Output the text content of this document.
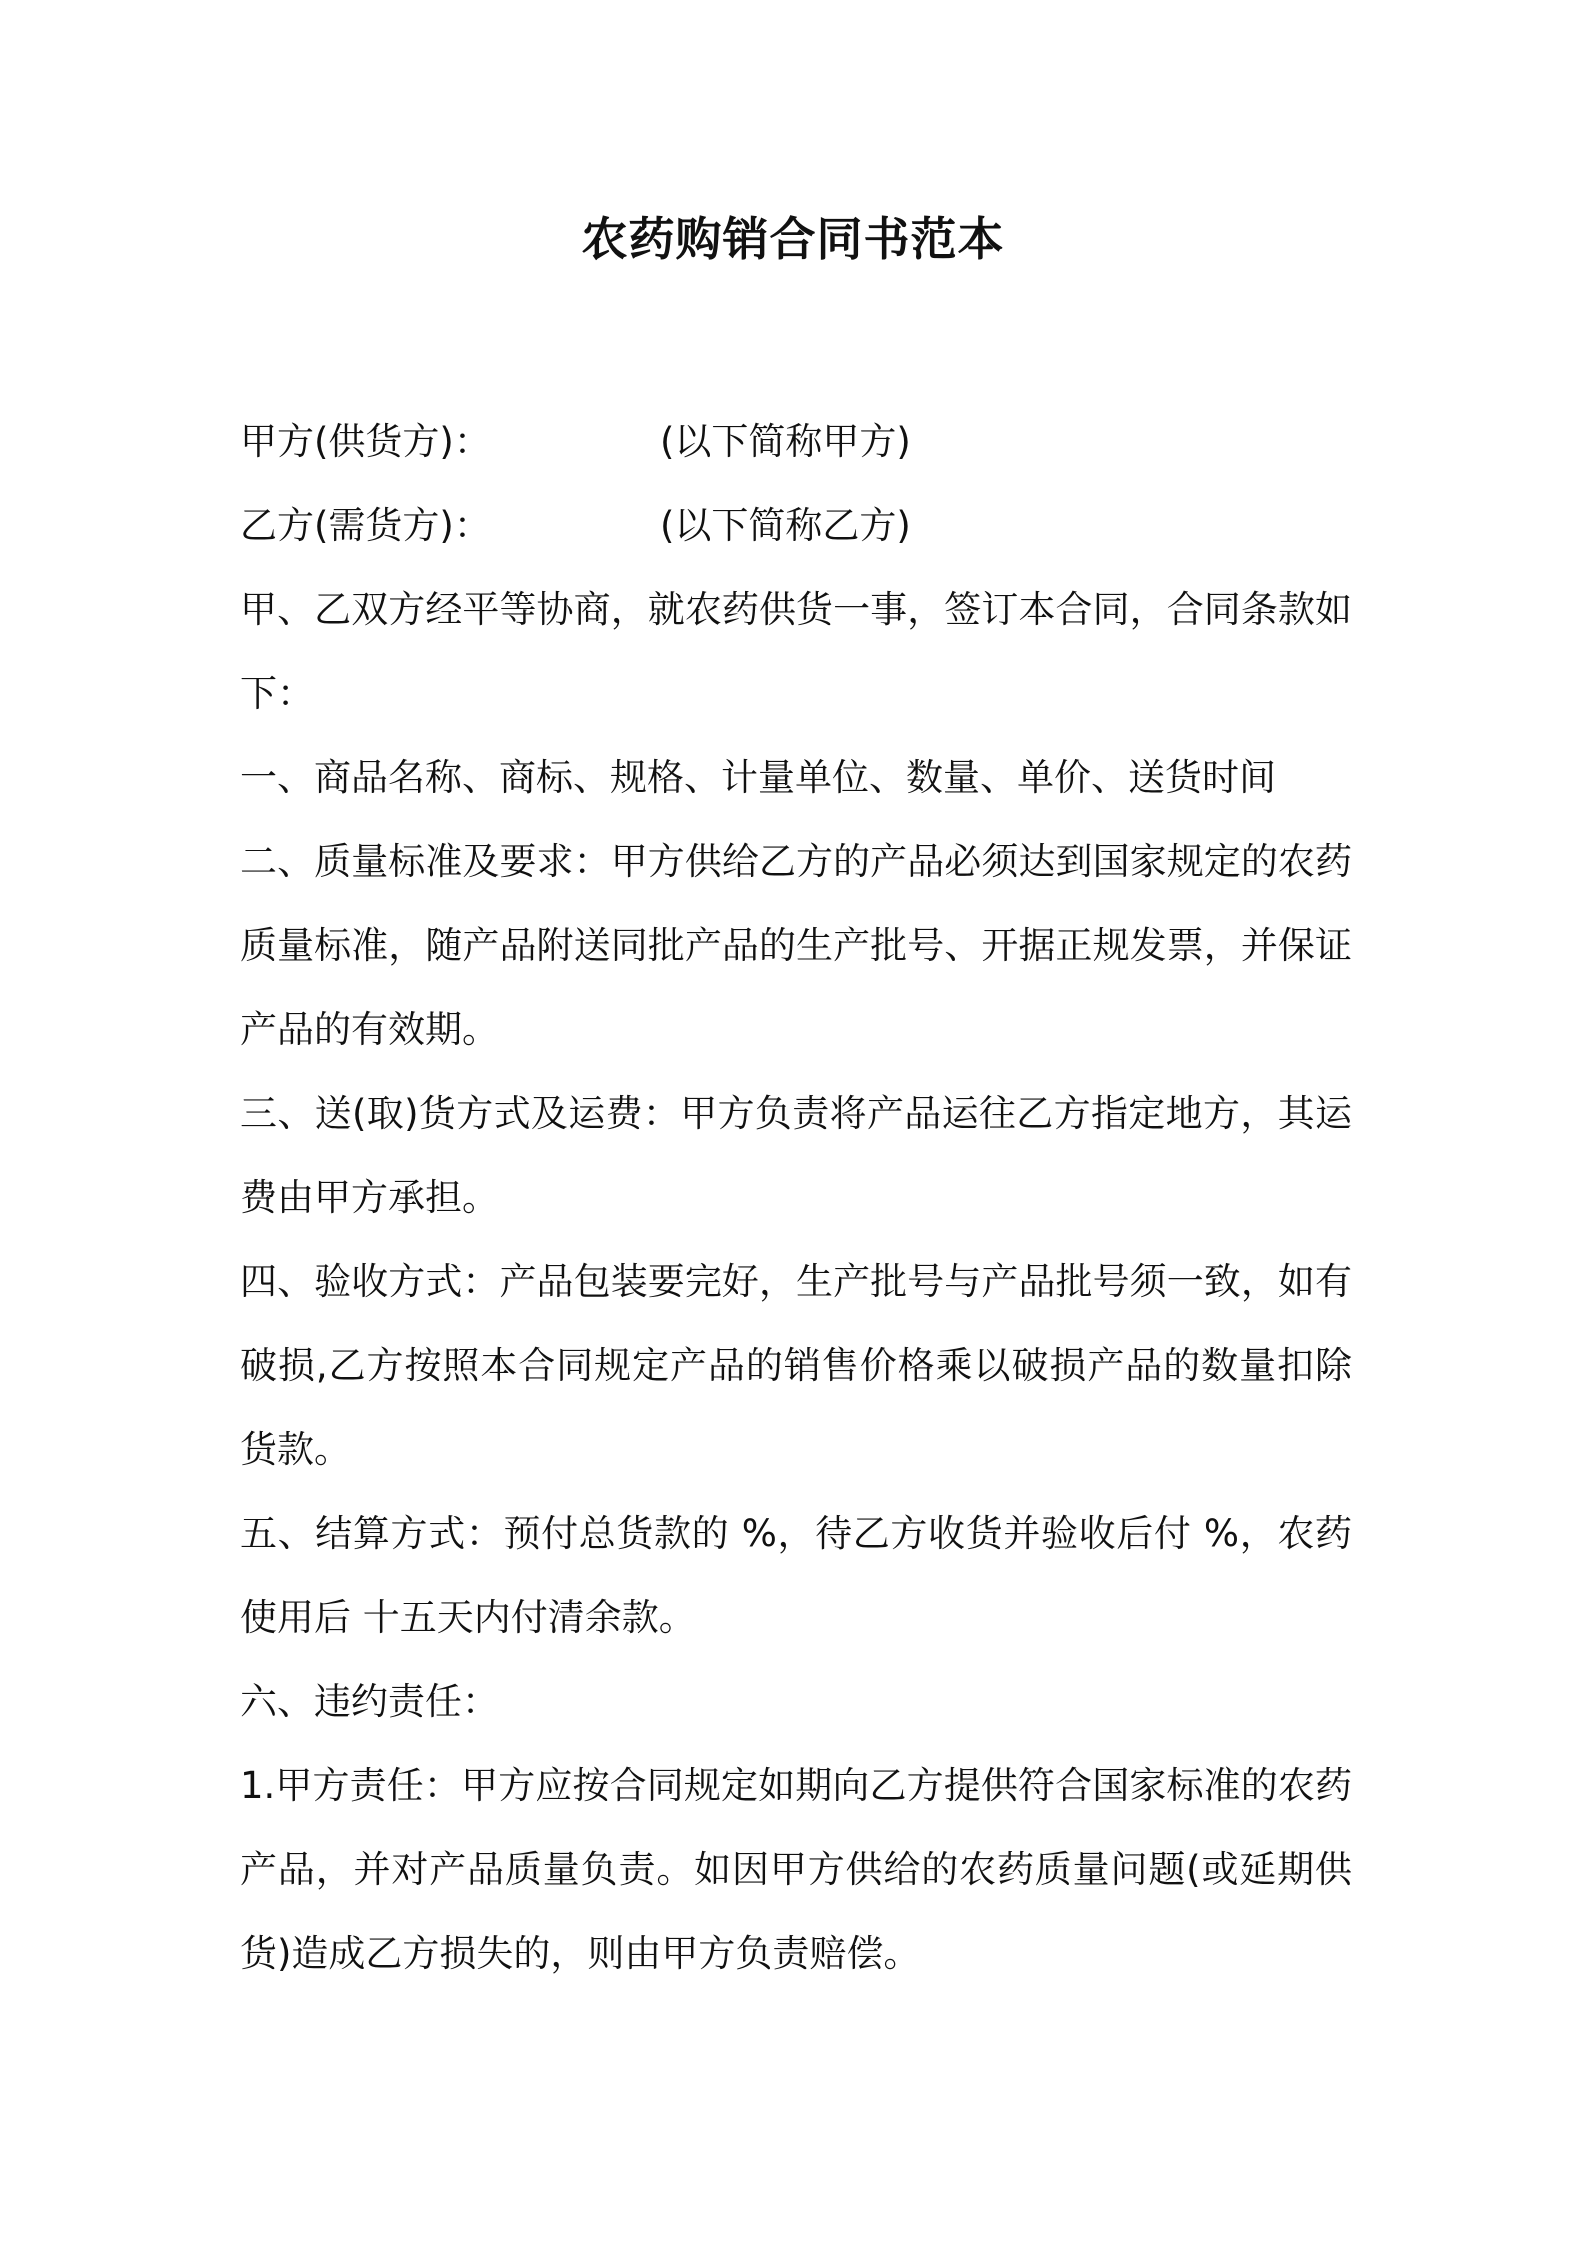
农药购销合同书范本
甲方(供货方)：	(以下简称甲方)
乙方(需货方)：	(以下简称乙方)

甲、乙双方经平等协商，就农药供货一事，签订本合同，合同条款如下：

一、商品名称、商标、规格、计量单位、数量、单价、送货时间

二、质量标准及要求：甲方供给乙方的产品必须达到国家规定的农药质量标准，随产品附送同批产品的生产批号、开据正规发票，并保证产品的有效期。

三、送(取)货方式及运费：甲方负责将产品运往乙方指定地方，其运费由甲方承担。

四、验收方式：产品包装要完好，生产批号与产品批号须一致，如有破损,乙方按照本合同规定产品的销售价格乘以破损产品的数量扣除货款。

五、结算方式：预付总货款的 %，待乙方收货并验收后付 %，农药使用后 十五天内付清余款。

六、违约责任：

1.甲方责任：甲方应按合同规定如期向乙方提供符合国家标准的农药产品，并对产品质量负责。如因甲方供给的农药质量问题(或延期供货)造成乙方损失的，则由甲方负责赔偿。
